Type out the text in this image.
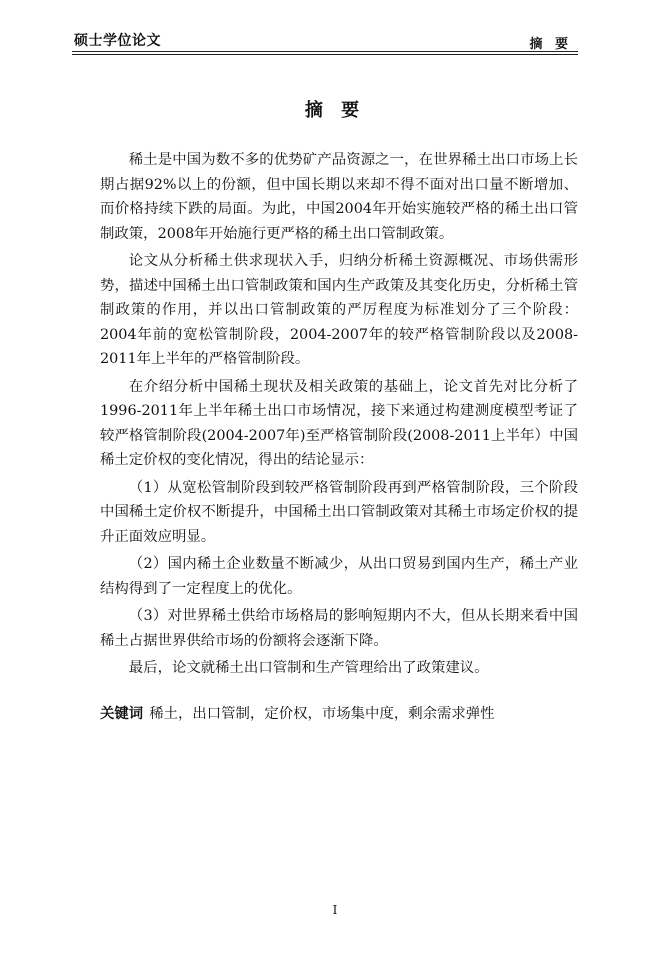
硕士学位论文	摘 要
摘 要

稀土是中国为数不多的优势矿产品资源之一，在世界稀土出口市场上长期占据92%以上的份额，但中国长期以来却不得不面对出口量不断增加、而价格持续下跌的局面。为此，中国2004年开始实施较严格的稀土出口管制政策，2008年开始施行更严格的稀土出口管制政策。

论文从分析稀土供求现状入手，归纳分析稀土资源概况、市场供需形势，描述中国稀土出口管制政策和国内生产政策及其变化历史，分析稀土管制政策的作用，并以出口管制政策的严厉程度为标准划分了三个阶段：2004年前的宽松管制阶段，2004-2007年的较严格管制阶段以及2008-2011年上半年的严格管制阶段。

在介绍分析中国稀土现状及相关政策的基础上，论文首先对比分析了1996-2011年上半年稀土出口市场情况，接下来通过构建测度模型考证了较严格管制阶段(2004-2007年)至严格管制阶段(2008-2011上半年）中国稀土定价权的变化情况，得出的结论显示：

（1）从宽松管制阶段到较严格管制阶段再到严格管制阶段，三个阶段中国稀土定价权不断提升，中国稀土出口管制政策对其稀土市场定价权的提升正面效应明显。

（2）国内稀土企业数量不断减少，从出口贸易到国内生产，稀土产业结构得到了一定程度上的优化。

（3）对世界稀土供给市场格局的影响短期内不大，但从长期来看中国稀土占据世界供给市场的份额将会逐渐下降。

最后，论文就稀土出口管制和生产管理给出了政策建议。

关键词 稀土，出口管制，定价权，市场集中度，剩余需求弹性
I
